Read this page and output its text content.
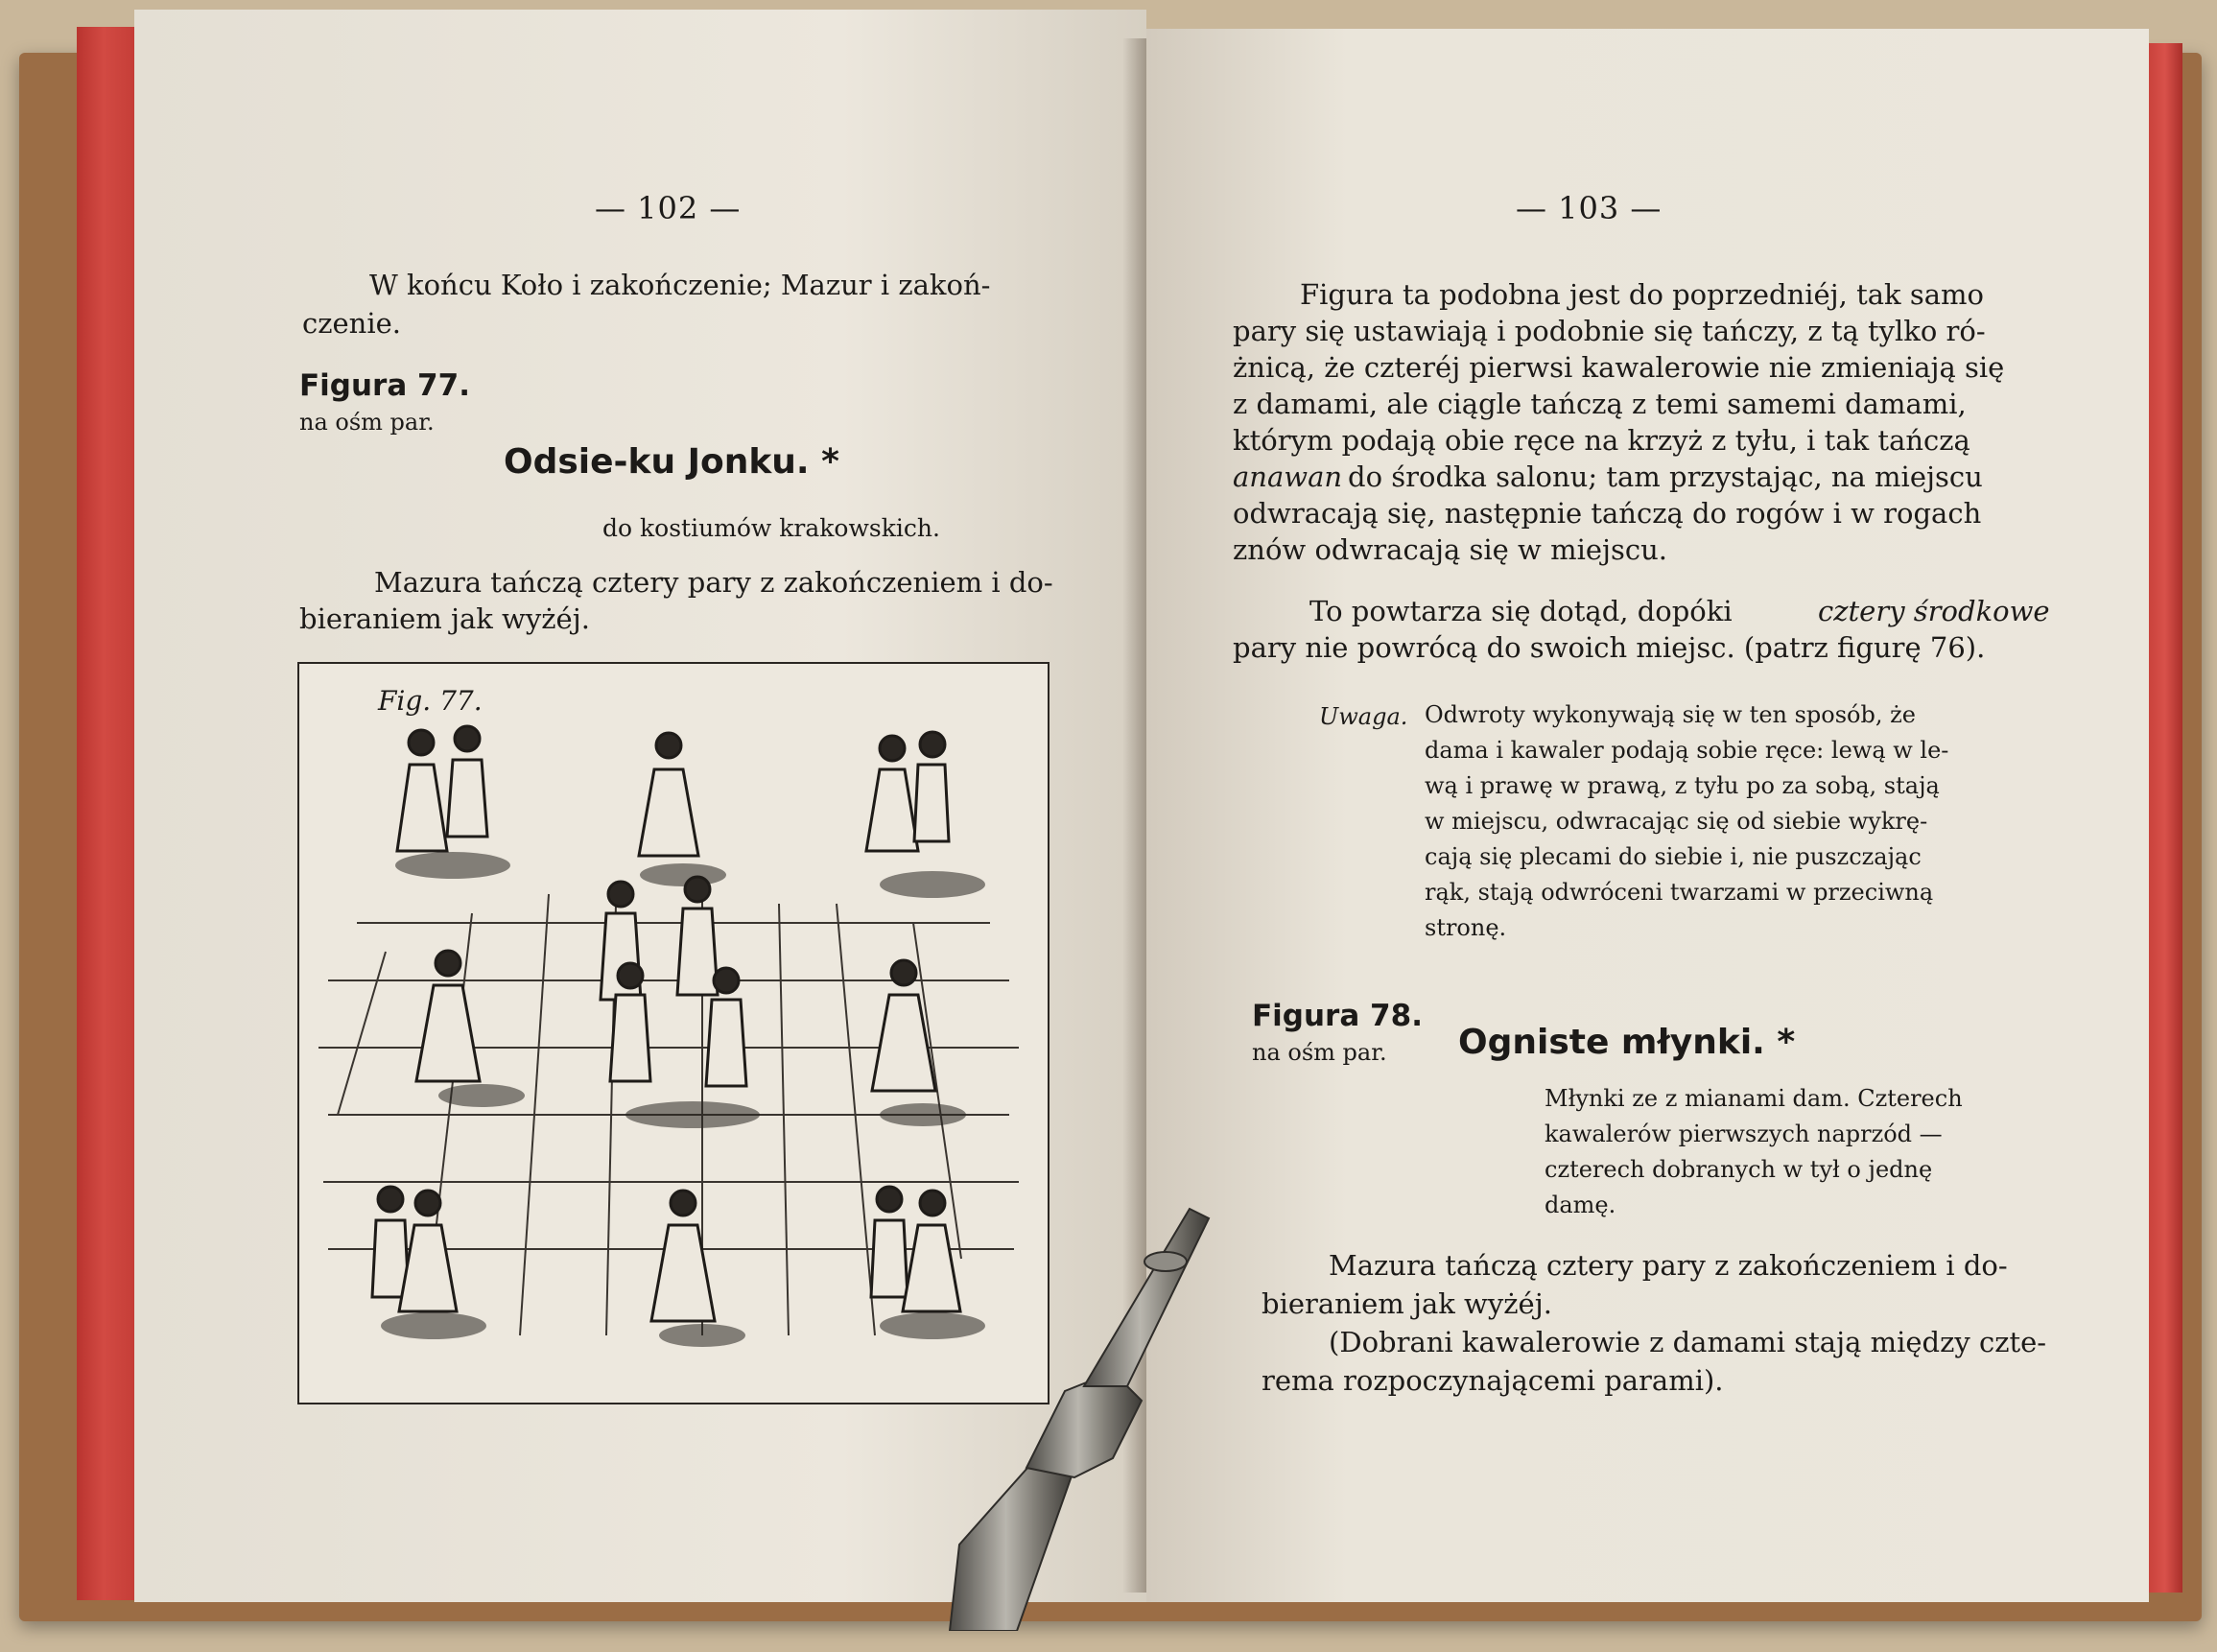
— 102 —
W końcu Koło i zakończenie; Mazur i zakoń-
czenie.
Figura 77.
na ośm par.
Odsie-ku Jonku. *
do kostiumów krakowskich.
Mazura tańczą cztery pary z zakończeniem i do-
bieraniem jak wyżéj.
Fig. 77.
— 103 —
Figura ta podobna jest do poprzedniéj, tak samo
pary się ustawiają i podobnie się tańczy, z tą tylko ró-
żnicą, że czteréj pierwsi kawalerowie nie zmieniają się
z damami, ale ciągle tańczą z temi samemi damami,
którym podają obie ręce na krzyż z tyłu, i tak tańczą
anawan do środka salonu; tam przystając, na miejscu
odwracają się, następnie tańczą do rogów i w rogach
znów odwracają się w miejscu.
To powtarza się dotąd, dopóki	cztery środkowe
pary nie powrócą do swoich miejsc. (patrz figurę 76).
Uwaga. Odwroty wykonywają się w ten sposób, że
dama i kawaler podają sobie ręce: lewą w le-
wą i prawę w prawą, z tyłu po za sobą, stają
w miejscu, odwracając się od siebie wykrę-
cają się plecami do siebie i, nie puszczając
rąk, stają odwróceni twarzami w przeciwną
stronę.
Figura 78.
na ośm par. Ogniste młynki. *
Młynki ze z mianami dam. Czterech
kawalerów pierwszych naprzód —
czterech dobranych w tył o jednę
damę.
Mazura tańczą cztery pary z zakończeniem i do-
bieraniem jak wyżéj.
(Dobrani kawalerowie z damami stają między czte-
rema rozpoczynającemi parami).
